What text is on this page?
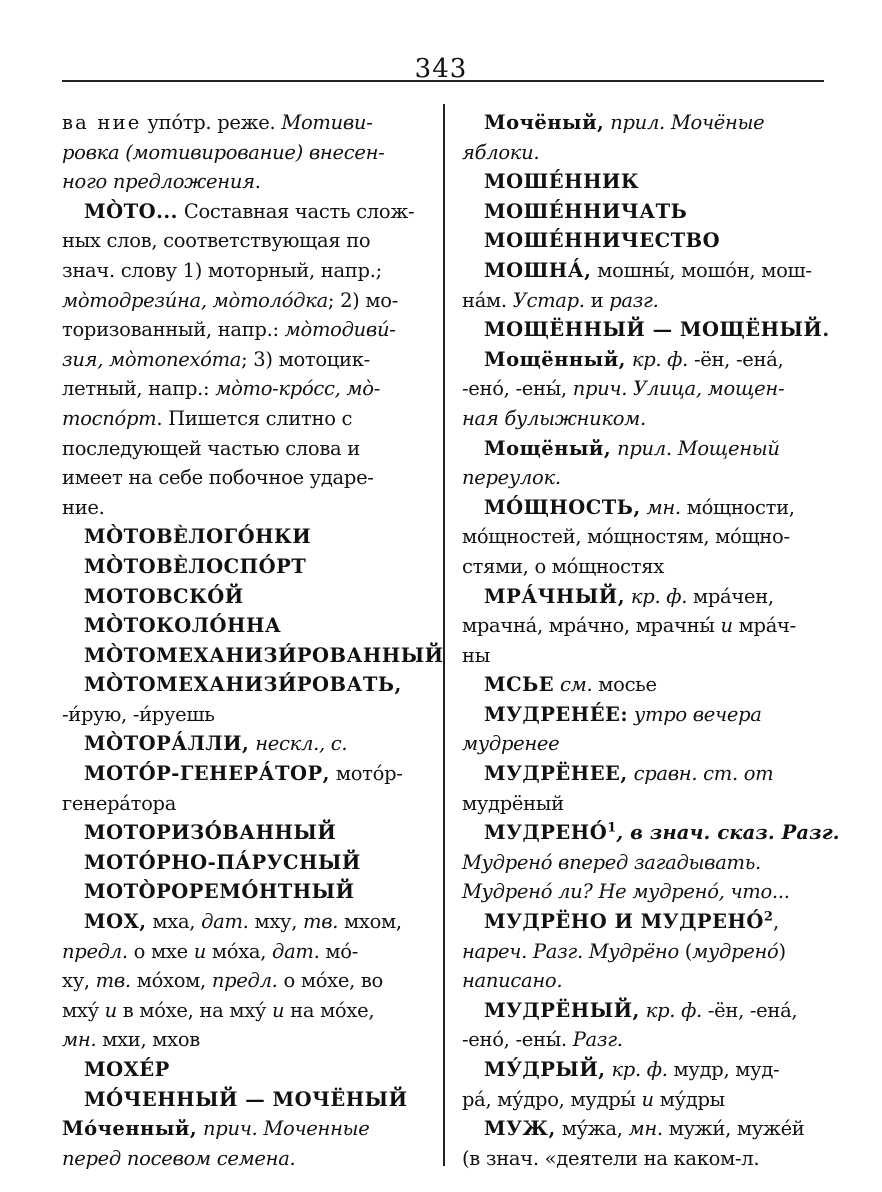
343
ва ние упо́тр. реже. Мотиви-
ровка (мотивирование) внесен-
ного предложения.
МО̀ТО... Составная часть слож-
ных слов, соответствующая по
знач. слову 1) моторный, напр.;
мо̀тодрези́на, мо̀толо́дка; 2) мо-
торизованный, напр.: мо̀тодиви́-
зия, мо̀топехо́та; 3) мотоцик-
летный, напр.: мо̀то-кро́сс, мо̀-
тоспо́рт. Пишется слитно с
последующей частью слова и
имеет на себе побочное ударе-
ние.
МО̀ТОВЀЛОГО́НКИ
МО̀ТОВЀЛОСПО́РТ
МОТОВСКО́Й
МО̀ТОКОЛО́ННА
МО̀ТОМЕХАНИЗИ́РОВАННЫЙ
МО̀ТОМЕХАНИЗИ́РОВАТЬ,
-и́рую, -и́руешь
МО̀ТОРА́ЛЛИ, нескл., с.
МОТО́Р-ГЕНЕРА́ТОР, мото́р-
генера́тора
МОТОРИЗО́ВАННЫЙ
МОТО́РНО-ПА́РУСНЫЙ
МОТО̀РОРЕМО́НТНЫЙ
МОХ, мха, дат. мху, тв. мхом,
предл. о мхе и мо́ха, дат. мо́-
ху, тв. мо́хом, предл. о мо́хе, во
мху́ и в мо́хе, на мху́ и на мо́хе,
мн. мхи, мхов
МОХЕ́Р
МО́ЧЕННЫЙ — МОЧЁНЫЙ
Мо́ченный, прич. Моченные
перед посевом семена.
Мочёный, прил. Мочёные
яблоки.
МОШЕ́ННИК
МОШЕ́ННИЧАТЬ
МОШЕ́ННИЧЕСТВО
МОШНА́, мошны́, мошо́н, мош-
на́м. Устар. и разг.
МОЩЁННЫЙ — МОЩЁНЫЙ.
Мощённый, кр. ф. -ён, -ена́,
-ено́, -ены́, прич. Улица, мощен-
ная булыжником.
Мощёный, прил. Мощеный
переулок.
МО́ЩНОСТЬ, мн. мо́щности,
мо́щностей, мо́щностям, мо́щно-
стями, о мо́щностях
МРА́ЧНЫЙ, кр. ф. мра́чен,
мрачна́, мра́чно, мрачны́ и мра́ч-
ны
МСЬЕ см. мосье
МУДРЕНЕ́Е: утро вечера
мудренее
МУДРЁНЕЕ, сравн. ст. от
мудрёный
МУДРЕНО́$^1$, в знач. сказ. Разг.
Мудрено́ вперед загадывать.
Мудрено́ ли? Не мудрено́, что...
МУДРЁНО И МУДРЕНО́$^2$,
нареч. Разг. Мудрёно (мудрено́)
написано.
МУДРЁНЫЙ, кр. ф. -ён, -ена́,
-ено́, -ены́. Разг.
МУ́ДРЫЙ, кр. ф. мудр, муд-
ра́, му́дро, мудры́ и му́дры
МУЖ, му́жа, мн. мужи́, муже́й
(в знач. «деятели на каком-л.
